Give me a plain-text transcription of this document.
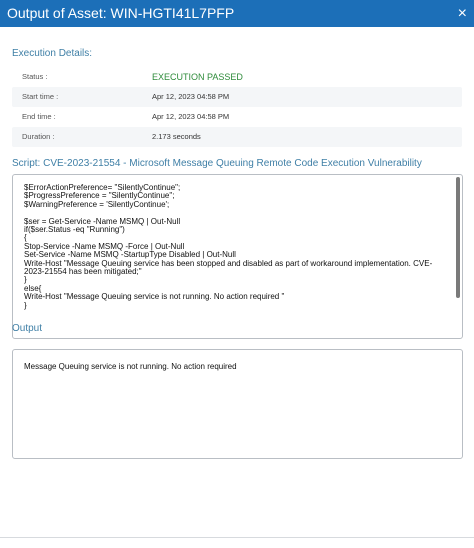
Output of Asset: WIN-HGTI41L7PFP	×
Execution Details:
Status :	EXECUTION PASSED
Start time :	Apr 12, 2023 04:58 PM
End time :	Apr 12, 2023 04:58 PM
Duration :	2.173 seconds
Script: CVE-2023-21554 - Microsoft Message Queuing Remote Code Execution Vulnerability
$ErrorActionPreference= "SilentlyContinue";
$ProgressPreference = "SilentlyContinue";
$WarningPreference = 'SilentlyContinue';

$ser = Get-Service -Name MSMQ | Out-Null
if($ser.Status -eq "Running")
{
Stop-Service -Name MSMQ -Force | Out-Null
Set-Service -Name MSMQ -StartupType Disabled | Out-Null
Write-Host "Message Queuing service has been stopped and disabled as part of workaround implementation. CVE-2023-21554 has been mitigated;"
}
else{
Write-Host "Message Queuing service is not running. No action required "
}
Output
Message Queuing service is not running. No action required
